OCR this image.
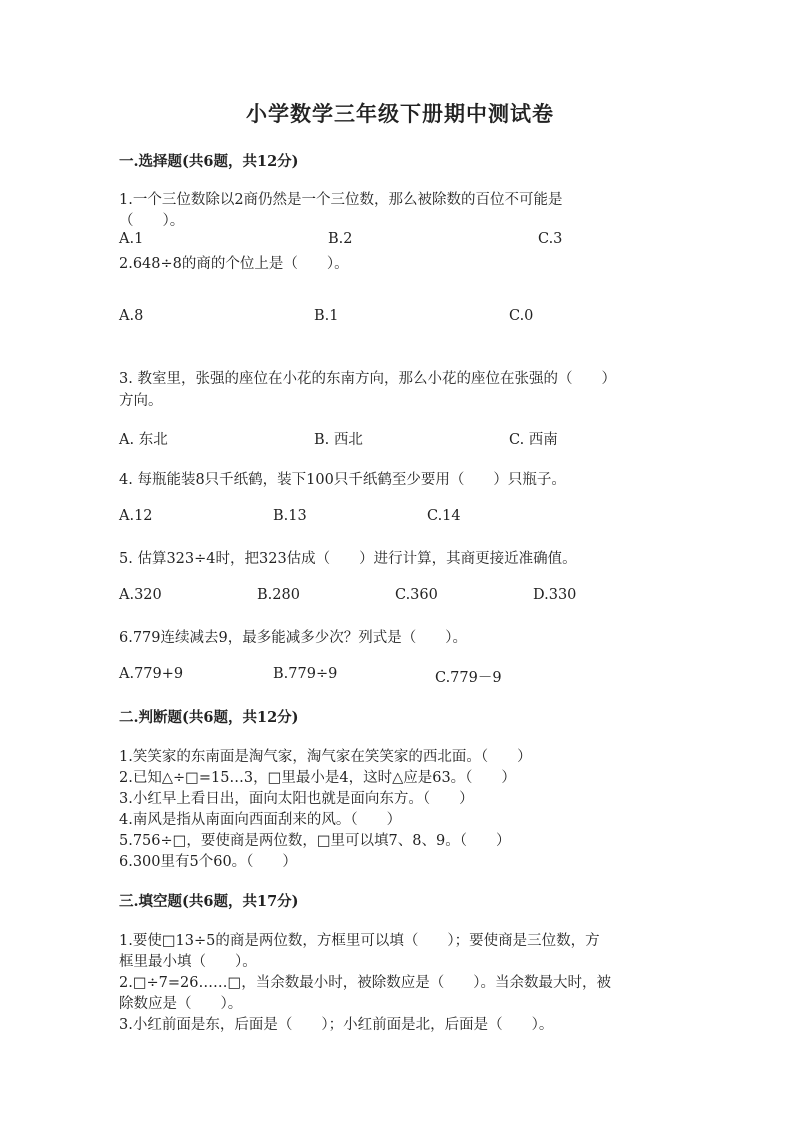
小学数学三年级下册期中测试卷
一.选择题(共6题，共12分)
1.一个三位数除以2商仍然是一个三位数，那么被除数的百位不可能是
（　　）。
A.1	B.2	C.3
2.648÷8的商的个位上是（　　）。
A.8	B.1	C.0
3. 教室里，张强的座位在小花的东南方向，那么小花的座位在张强的（　　）
方向。
A. 东北	B. 西北	C. 西南
4. 每瓶能装8只千纸鹤，装下100只千纸鹤至少要用（　　）只瓶子。
A.12	B.13	C.14
5. 估算323÷4时，把323估成（　　）进行计算，其商更接近准确值。
A.320	B.280	C.360	D.330
6.779连续减去9，最多能减多少次？列式是（　　）。
A.779+9	B.779÷9	C.779－9
二.判断题(共6题，共12分)
1.笑笑家的东南面是淘气家，淘气家在笑笑家的西北面。（　　）
2.已知△÷□=15…3，□里最小是4，这时△应是63。（　　）
3.小红早上看日出，面向太阳也就是面向东方。（　　）
4.南风是指从南面向西面刮来的风。（　　）
5.756÷□，要使商是两位数，□里可以填7、8、9。（　　）
6.300里有5个60。（　　）
三.填空题(共6题，共17分)
1.要使□13÷5的商是两位数，方框里可以填（　　）；要使商是三位数，方
框里最小填（　　）。
2.□÷7=26……□，当余数最小时，被除数应是（　　）。当余数最大时，被
除数应是（　　）。
3.小红前面是东，后面是（　　）；小红前面是北，后面是（　　）。
